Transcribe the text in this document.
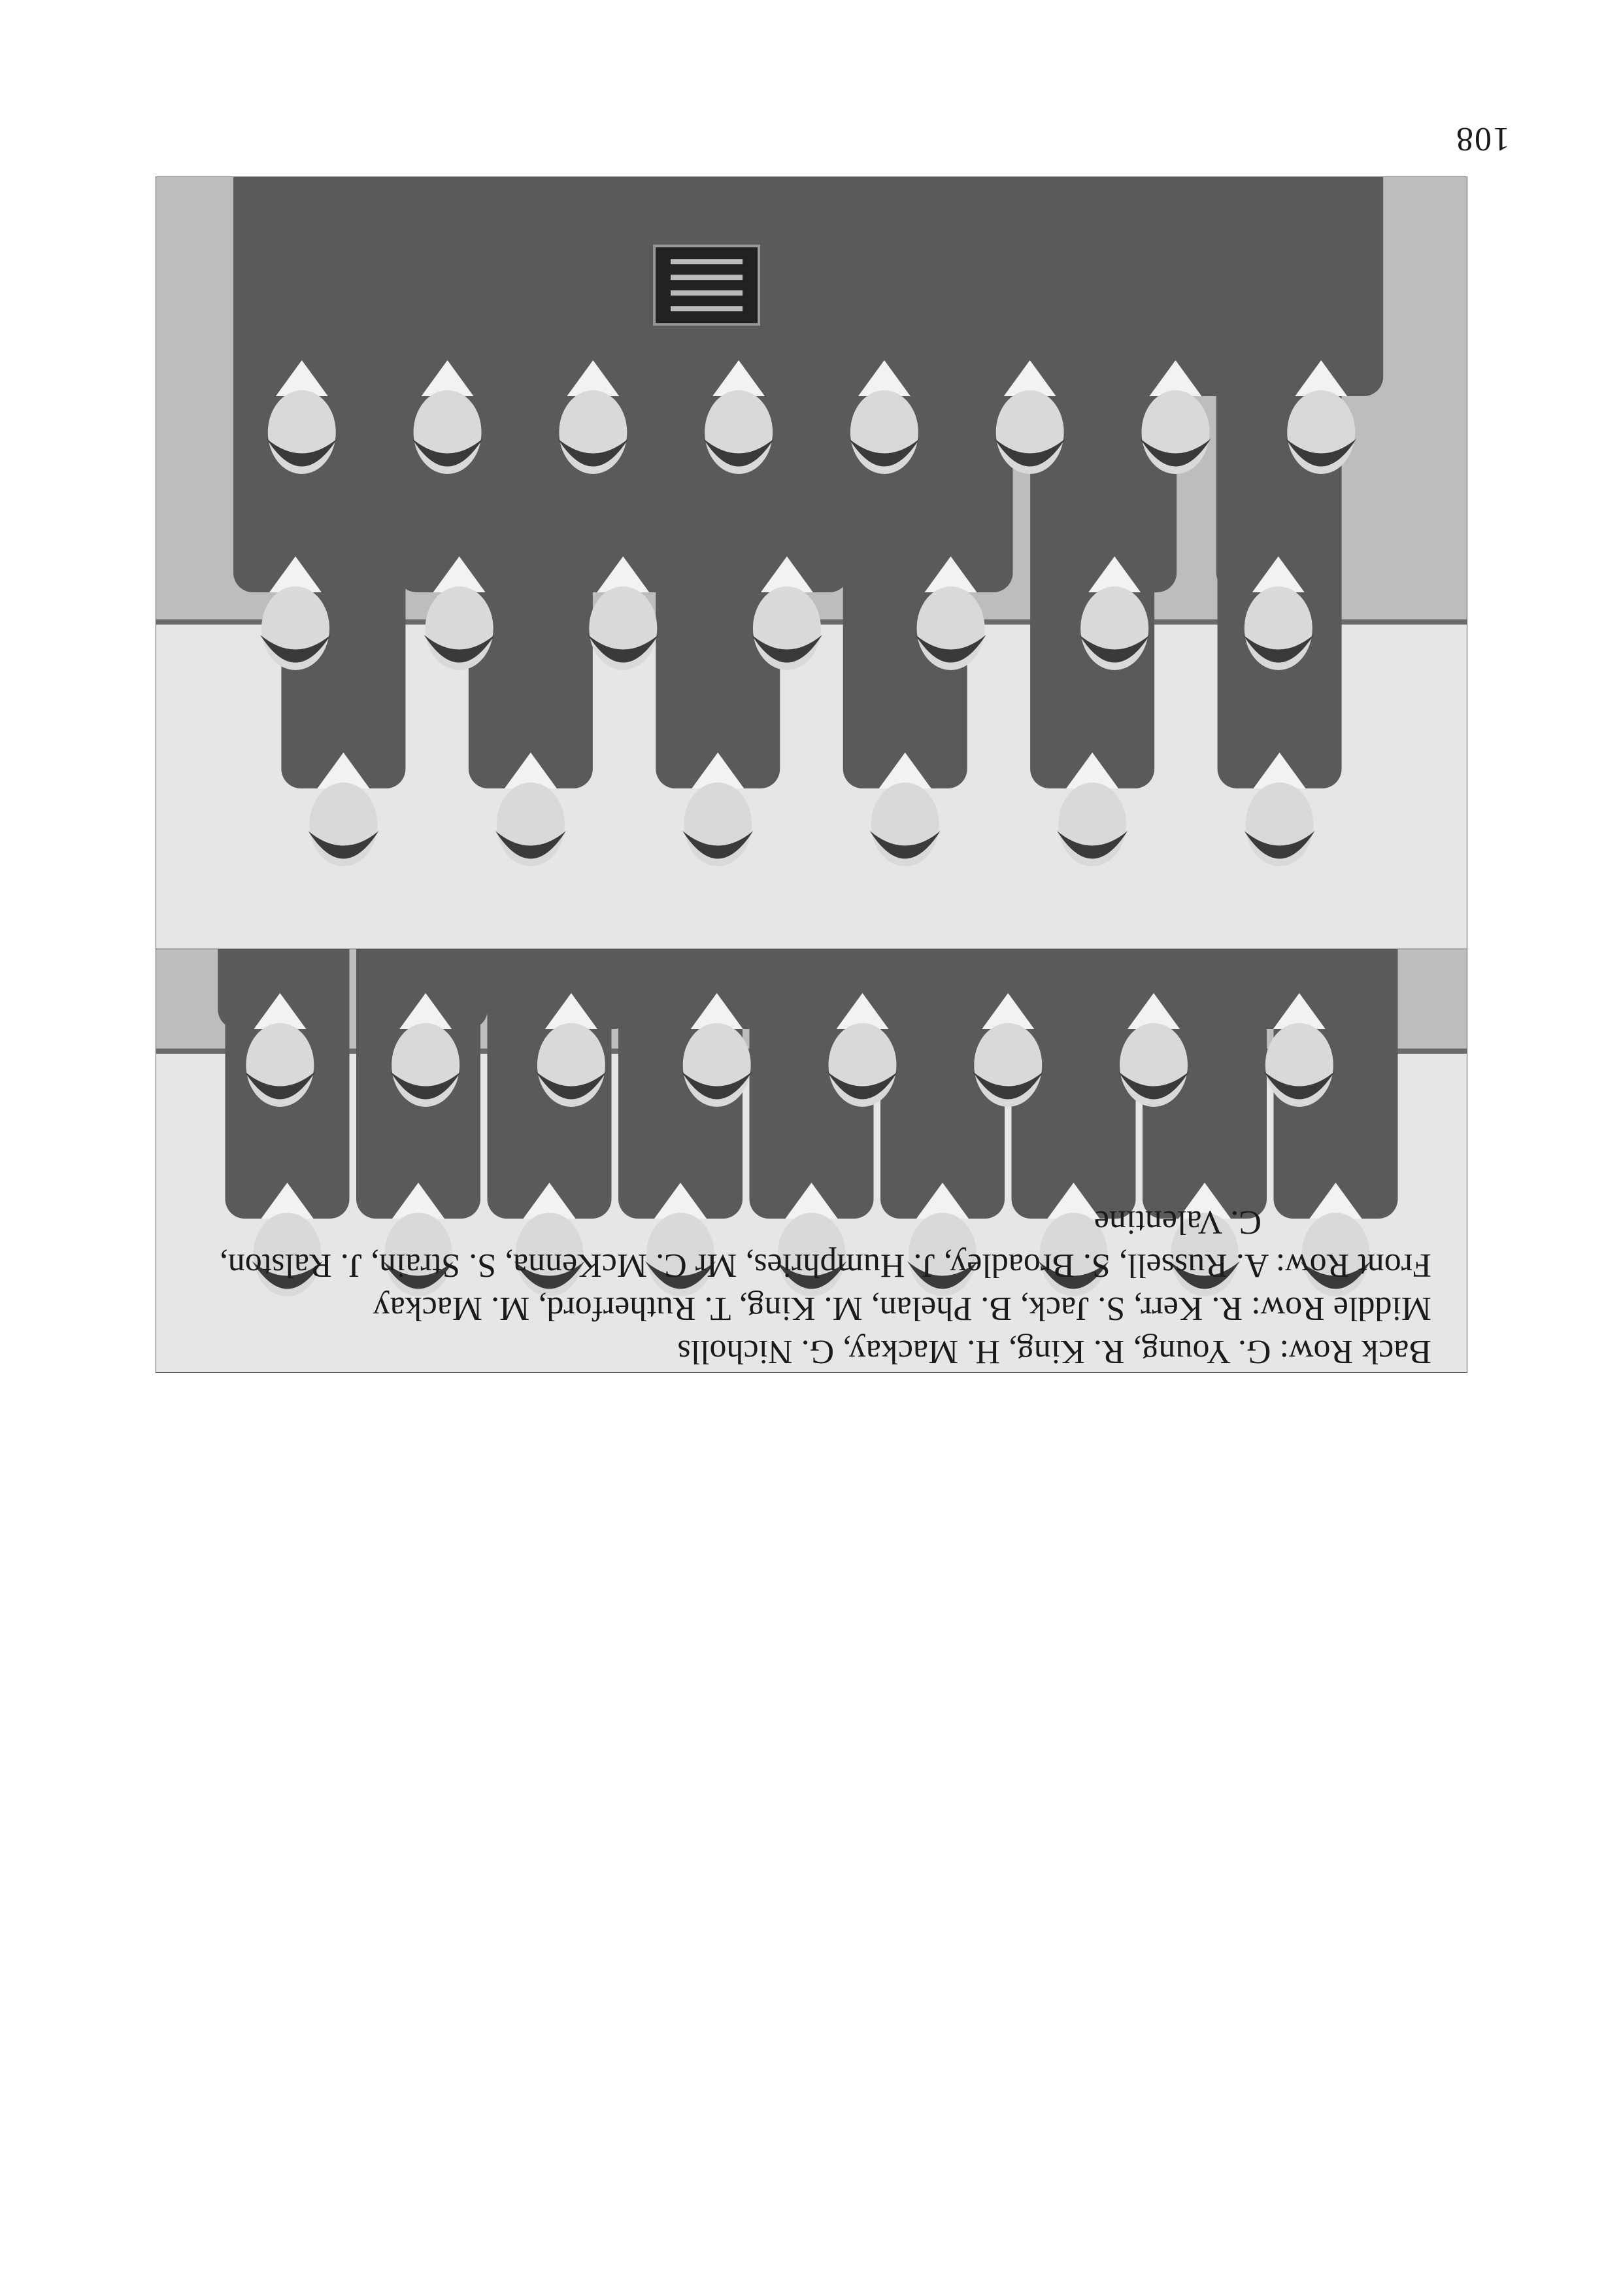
108
Back Row: G. Young, R. King, H. Mackay, G. Nicholls
Middle Row: R. Kerr, S. Jack, B. Phelan, M. King, T. Rutherford, M. Mackay
Front Row: A. Russell, S. Broadley, J. Humphries, Mr C. McKenna, S. Strain, J. Ralston,
C. Valentine
